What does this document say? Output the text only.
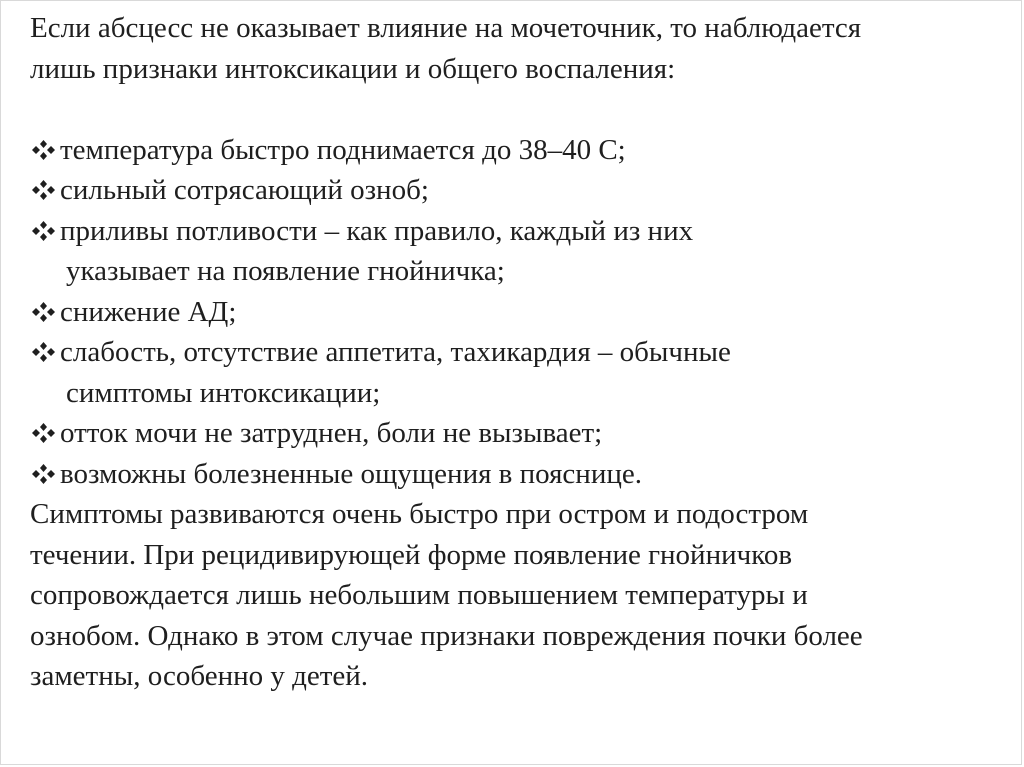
Если абсцесс не оказывает влияние на мочеточник, то наблюдается

лишь признаки интоксикации и общего воспаления:

температура быстро поднимается до 38–40 С;
сильный сотрясающий озноб;
приливы потливости – как правило, каждый из них
указывает на появление гнойничка;
снижение АД;
слабость, отсутствие аппетита, тахикардия – обычные
симптомы интоксикации;
отток мочи не затруднен, боли не вызывает;
возможны болезненные ощущения в пояснице.

Симптомы развиваются очень быстро при остром и подостром

течении. При рецидивирующей форме появление гнойничков

сопровождается лишь небольшим повышением температуры и

ознобом. Однако в этом случае признаки повреждения почки более

заметны, особенно у детей.
